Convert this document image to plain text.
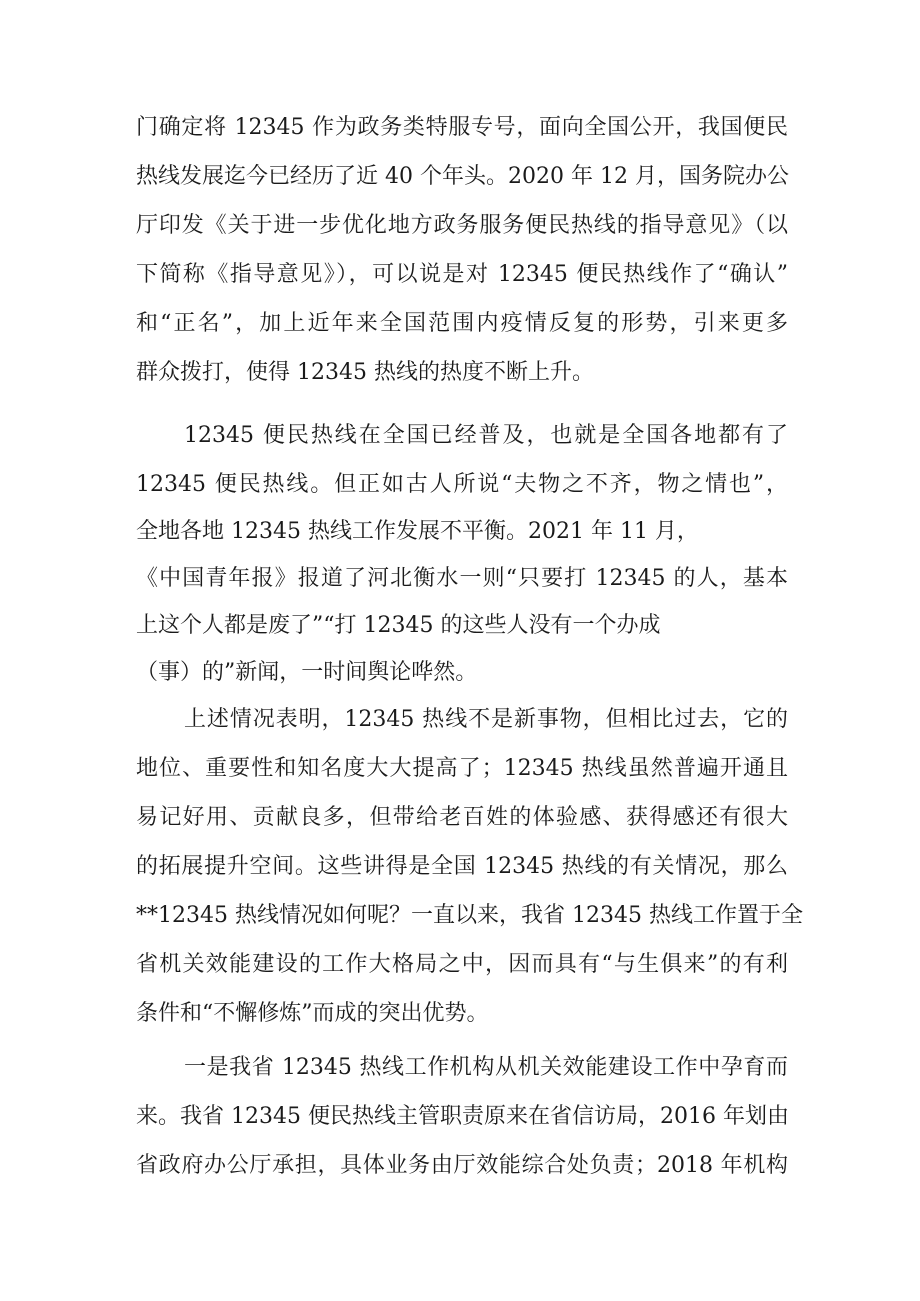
门确定将 12345 作为政务类特服专号，面向全国公开，我国便民
热线发展迄今已经历了近 40 个年头。2020 年 12 月，国务院办公
厅印发《关于进一步优化地方政务服务便民热线的指导意见》（以
下简称《指导意见》），可以说是对 12345 便民热线作了“确认”
和“正名”，加上近年来全国范围内疫情反复的形势，引来更多
群众拨打，使得 12345 热线的热度不断上升。
12345 便民热线在全国已经普及，也就是全国各地都有了
12345 便民热线。但正如古人所说“夫物之不齐，物之情也”，
全地各地 12345 热线工作发展不平衡。2021 年 11 月，
《中国青年报》报道了河北衡水一则“只要打 12345 的人，基本
上这个人都是废了”“打 12345 的这些人没有一个办成
（事）的”新闻，一时间舆论哗然。
上述情况表明，12345 热线不是新事物，但相比过去，它的
地位、重要性和知名度大大提高了；12345 热线虽然普遍开通且
易记好用、贡献良多，但带给老百姓的体验感、获得感还有很大
的拓展提升空间。这些讲得是全国 12345 热线的有关情况，那么
**12345 热线情况如何呢？一直以来，我省 12345 热线工作置于全
省机关效能建设的工作大格局之中，因而具有“与生俱来”的有利
条件和“不懈修炼”而成的突出优势。
一是我省 12345 热线工作机构从机关效能建设工作中孕育而
来。我省 12345 便民热线主管职责原来在省信访局，2016 年划由
省政府办公厅承担，具体业务由厅效能综合处负责；2018 年机构
